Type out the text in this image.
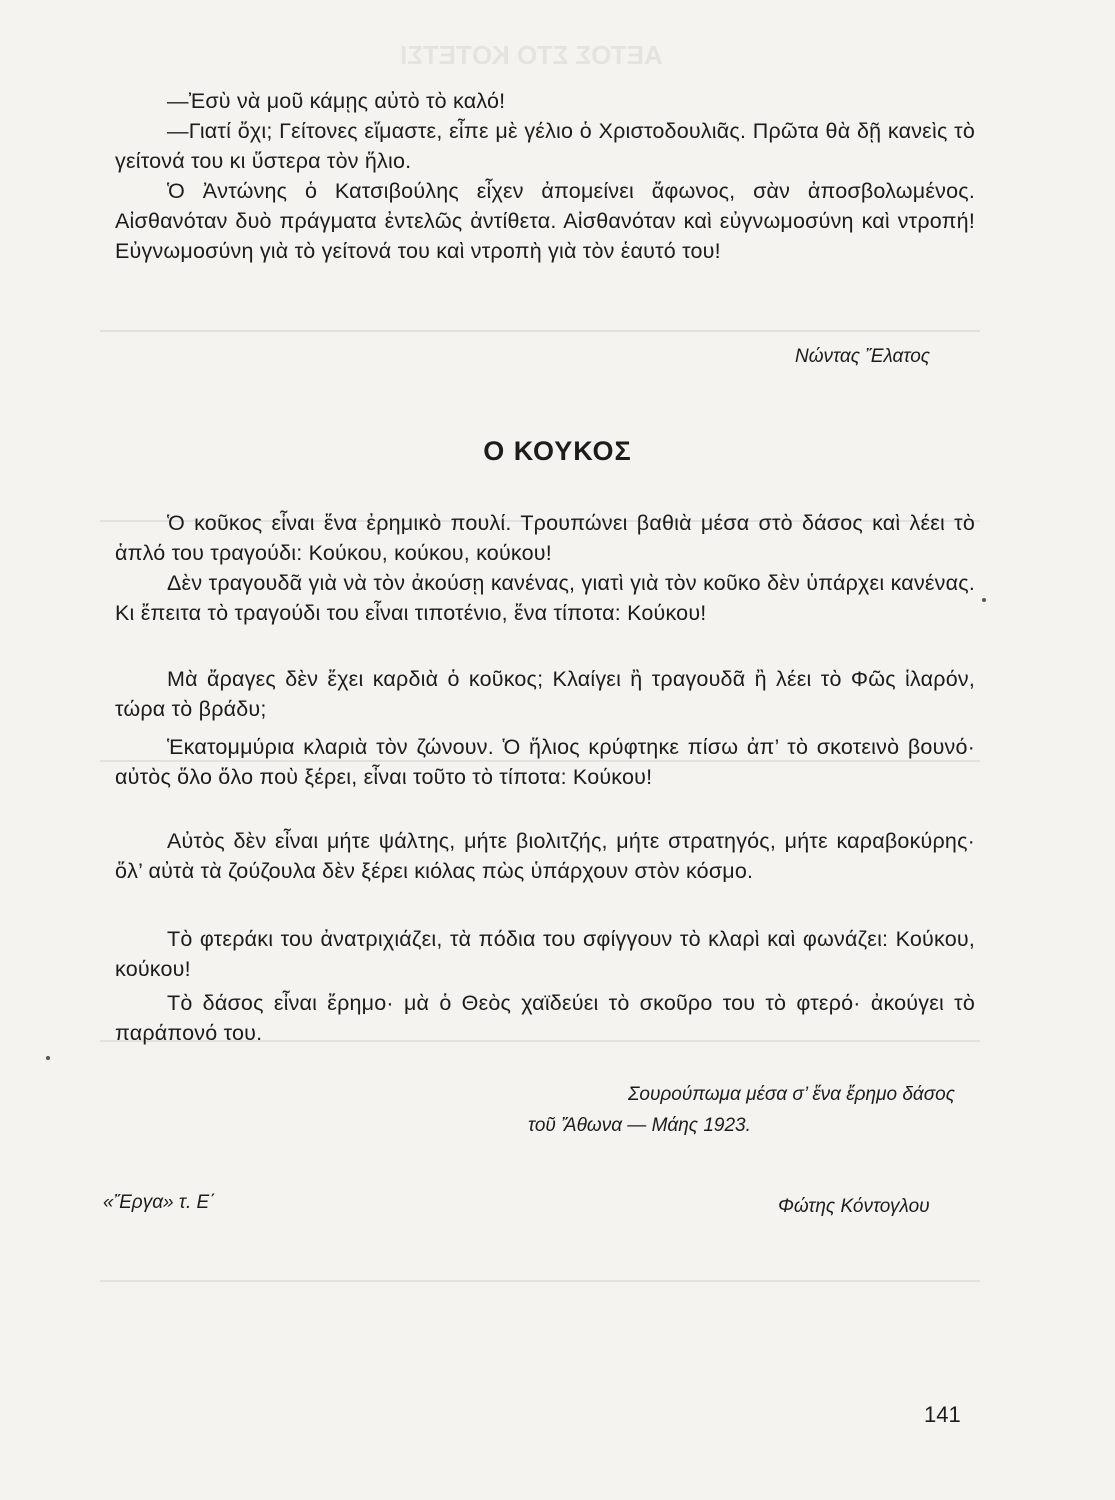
ΑΕΤΟΣ ΣΤΟ ΚΟΤΕΤΣΙ

—Ἐσὺ νὰ μοῦ κάμῃς αὐτὸ τὸ καλό!

—Γιατί ὄχι; Γείτονες εἴμαστε, εἶπε μὲ γέλιο ὁ Χριστοδουλιᾶς. Πρῶτα θὰ δῇ κανεὶς τὸ γείτονά του κι ὕστερα τὸν ἥλιο.

Ὁ Ἀντώνης ὁ Κατσιβούλης εἶχεν ἀπομείνει ἄφωνος, σὰν ἀποσβολωμένος. Αἰσθανόταν δυὸ πράγματα ἐντελῶς ἀντίθετα. Αἰσθανόταν καὶ εὐγνωμοσύνη καὶ ντροπή! Εὐγνωμοσύνη γιὰ τὸ γείτονά του καὶ ντροπὴ γιὰ τὸν ἑαυτό του!

Νώντας Ἔλατος

Ο ΚΟΥΚΟΣ

Ὁ κοῦκος εἶναι ἕνα ἐρημικὸ πουλί. Τρουπώνει βαθιὰ μέσα στὸ δάσος καὶ λέει τὸ ἁπλό του τραγούδι: Κούκου, κούκου, κούκου!

Δὲν τραγουδᾶ γιὰ νὰ τὸν ἀκούσῃ κανένας, γιατὶ γιὰ τὸν κοῦκο δὲν ὑπάρχει κανένας. Κι ἔπειτα τὸ τραγούδι του εἶναι τιποτένιο, ἕνα τίποτα: Κούκου!

Μὰ ἄραγες δὲν ἔχει καρδιὰ ὁ κοῦκος; Κλαίγει ἢ τραγουδᾶ ἢ λέει τὸ Φῶς ἱλαρόν, τώρα τὸ βράδυ;

Ἑκατομμύρια κλαριὰ τὸν ζώνουν. Ὁ ἥλιος κρύφτηκε πίσω ἀπ’ τὸ σκοτεινὸ βουνό· αὐτὸς ὅλο ὅλο ποὺ ξέρει, εἶναι τοῦτο τὸ τίποτα: Κούκου!

Αὐτὸς δὲν εἶναι μήτε ψάλτης, μήτε βιολιτζής, μήτε στρατηγός, μήτε καραβοκύρης· ὅλ’ αὐτὰ τὰ ζούζουλα δὲν ξέρει κιόλας πὼς ὑπάρχουν στὸν κόσμο.

Τὸ φτεράκι του ἀνατριχιάζει, τὰ πόδια του σφίγγουν τὸ κλαρὶ καὶ φωνάζει: Κούκου, κούκου!

Τὸ δάσος εἶναι ἔρημο· μὰ ὁ Θεὸς χαϊδεύει τὸ σκοῦρο του τὸ φτερό· ἀκούγει τὸ παράπονό του.

Σουρούπωμα μέσα σ’ ἕνα ἔρημο δάσος

τοῦ Ἄθωνα — Μάης 1923.

«Ἔργα» τ. Ε΄	Φώτης Κόντογλου

141
